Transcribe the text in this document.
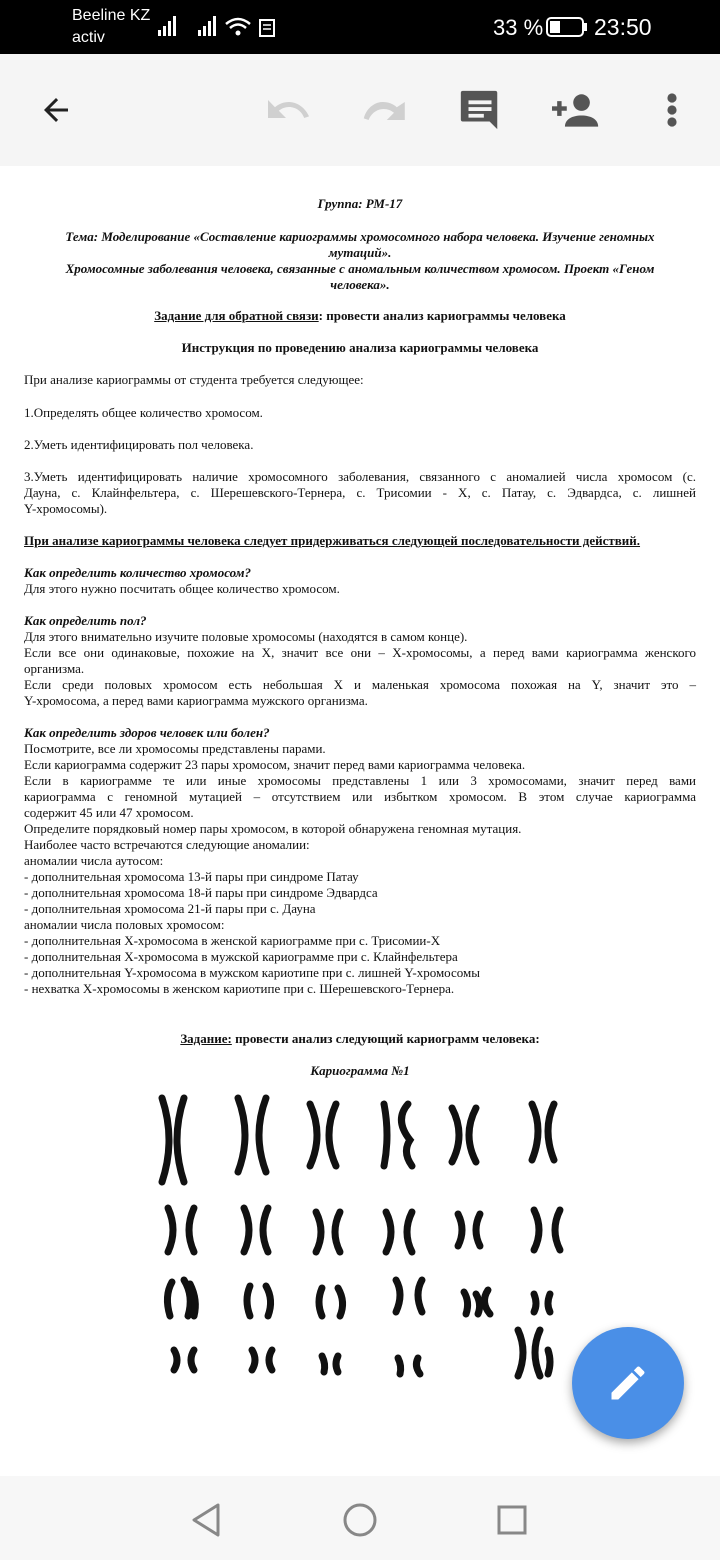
Beeline KZ
activ	33 % 23:50
Группа: РМ-17
Тема: Моделирование «Составление кариограммы хромосомного набора человека. Изучение геномных
мутаций».
Хромосомные заболевания человека, связанные с аномальным количеством хромосом. Проект «Геном
человека».
Задание для обратной связи: провести анализ кариограммы человека
Инструкция по проведению анализа кариограммы человека
При анализе кариограммы от студента требуется следующее:
1.Определять общее количество хромосом.
2.Уметь идентифицировать пол человека.
3.Уметь идентифицировать наличие хромосомного заболевания, связанного с аномалией числа хромосом (с.
Дауна, с. Клайнфельтера, с. Шерешевского-Тернера, с. Трисомии - Х, с. Патау, с. Эдвардса, с. лишней
Y-хромосомы).
При анализе кариограммы человека следует придерживаться следующей последовательности действий.
Как определить количество хромосом?
Для этого нужно посчитать общее количество хромосом.
Как определить пол?
Для этого внимательно изучите половые хромосомы (находятся в самом конце).
Если все они одинаковые, похожие на Х, значит все они – Х-хромосомы, а перед вами кариограмма женского
организма.
Если среди половых хромосом есть небольшая Х и маленькая хромосома похожая на Y, значит это –
Y-хромосома, а перед вами кариограмма мужского организма.
Как определить здоров человек или болен?
Посмотрите, все ли хромосомы представлены парами.
Если кариограмма содержит 23 пары хромосом, значит перед вами кариограмма человека.
Если в кариограмме те или иные хромосомы представлены 1 или 3 хромосомами, значит перед вами
кариограмма с геномной мутацией – отсутствием или избытком хромосом. В этом случае кариограмма
содержит 45 или 47 хромосом.
Определите порядковый номер пары хромосом, в которой обнаружена геномная мутация.
Наиболее часто встречаются следующие аномалии:
аномалии числа аутосом:
- дополнительная хромосома 13-й пары при синдроме Патау
- дополнительная хромосома 18-й пары при синдроме Эдвардса
- дополнительная хромосома 21-й пары при с. Дауна
аномалии числа половых хромосом:
- дополнительная Х-хромосома в женской кариограмме при с. Трисомии-Х
- дополнительная Х-хромосома в мужской кариограмме при с. Клайнфельтера
- дополнительная Y-хромосома в мужском кариотипе при с. лишней Y-хромосомы
- нехватка Х-хромосомы в женском кариотипе при с. Шерешевского-Тернера.
Задание: провести анализ следующий кариограмм человека:
Кариограмма №1
